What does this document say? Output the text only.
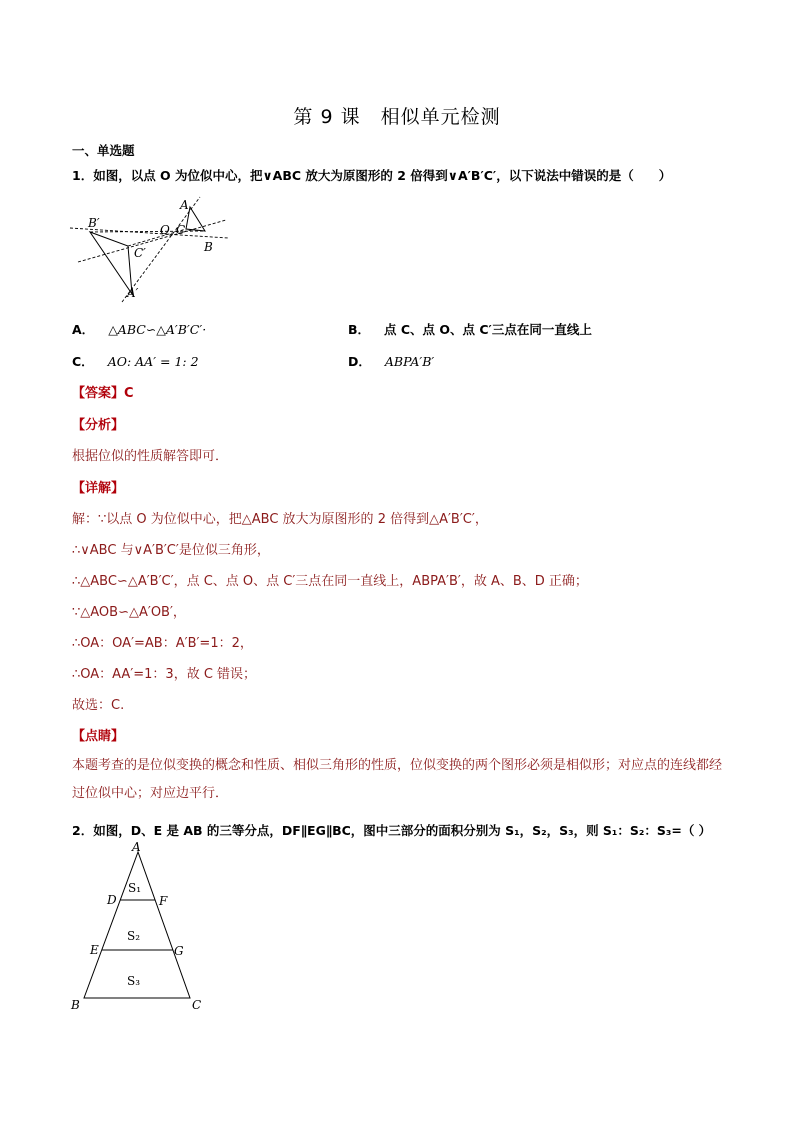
第 9 课　相似单元检测
一、单选题
1．如图，以点 O 为位似中心，把∨ABC 放大为原图形的 2 倍得到∨A′B′C′，以下说法中错误的是（　　）
B′	O C
A
B
C′
A′
A． △ABC∽△A′B′C′·	B． 点 C、点 O、点 C′三点在同一直线上
C． AO: AA′ = 1: 2	D． ABPA′B′
【答案】C
【分析】
根据位似的性质解答即可．
【详解】
解：∵以点 O 为位似中心，把△ABC 放大为原图形的 2 倍得到△A′B′C′，
∴∨ABC 与∨A′B′C′是位似三角形，
∴△ABC∽△A′B′C′，点 C、点 O、点 C′三点在同一直线上，ABPA′B′，故 A、B、D 正确；
∵△AOB∽△A′OB′，
∴OA：OA′=AB：A′B′=1：2，
∴OA：AA′=1：3，故 C 错误；
故选：C.
【点睛】
本题考查的是位似变换的概念和性质、相似三角形的性质，位似变换的两个图形必须是相似形；对应点的连线都经过位似中心；对应边平行．
2．如图，D、E 是 AB 的三等分点，DF∥EG∥BC，图中三部分的面积分别为 S₁，S₂，S₃，则 S₁：S₂：S₃=（ ）
A
D	F
E	G
B	C
S₁
S₂
S₃
